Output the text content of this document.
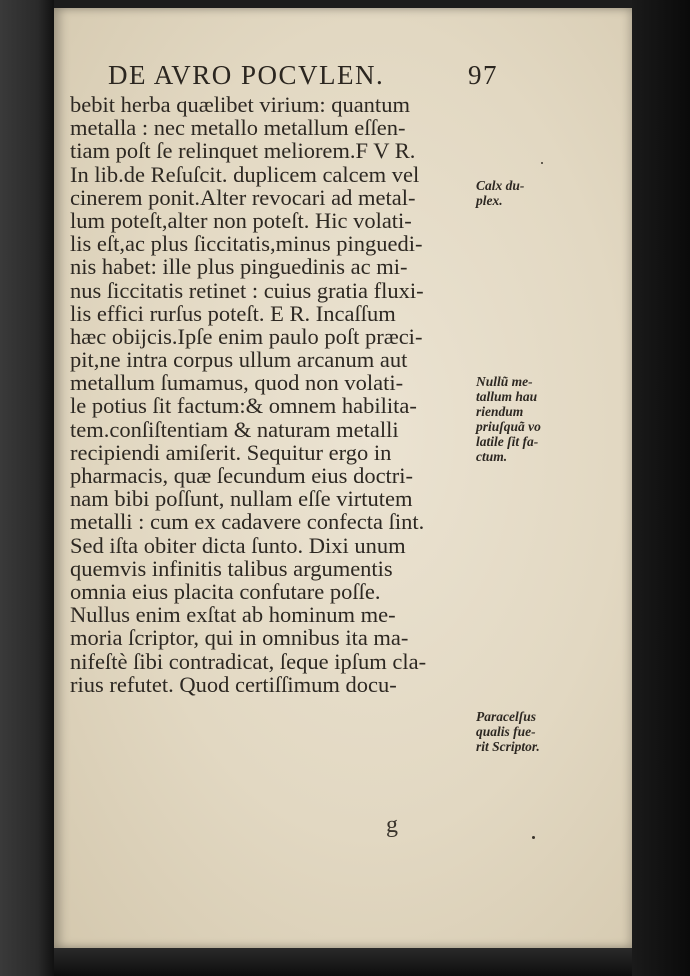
DE AVRO POCVLEN.	97
bebit herba quælibet virium: quantum
metalla : nec metallo metallum eſſen-
tiam poſt ſe relinquet meliorem.F V R.
In lib.de Reſuſcit. duplicem calcem vel
cinerem ponit.Alter revocari ad metal-
lum poteſt,alter non poteſt. Hic volati-
lis eſt,ac plus ſiccitatis,minus pinguedi-
nis habet: ille plus pinguedinis ac mi-
nus ſiccitatis retinet : cuius gratia fluxi-
lis effici rurſus poteſt. E R. Incaſſum
hæc obijcis.Ipſe enim paulo poſt præci-
pit,ne intra corpus ullum arcanum aut
metallum ſumamus, quod non volati-
le potius ſit factum:& omnem habilita-
tem.conſiſtentiam & naturam metalli
recipiendi amiſerit. Sequitur ergo in
pharmacis, quæ ſecundum eius doctri-
nam bibi poſſunt, nullam eſſe virtutem
metalli : cum ex cadavere confecta ſint.
Sed iſta obiter dicta ſunto. Dixi unum
quemvis infinitis talibus argumentis
omnia eius placita confutare poſſe.
Nullus enim exſtat ab hominum me-
moria ſcriptor, qui in omnibus ita ma-
nifeſtè ſibi contradicat, ſeque ipſum cla-
rius refutet. Quod certiſſimum docu-
Calx du-
plex.
Nullũ me-
tallum hau
riendum
priuſquã vo
latile ſit fa-
ctum.
Paracelſus
qualis fue-
rit Scriptor.
g
